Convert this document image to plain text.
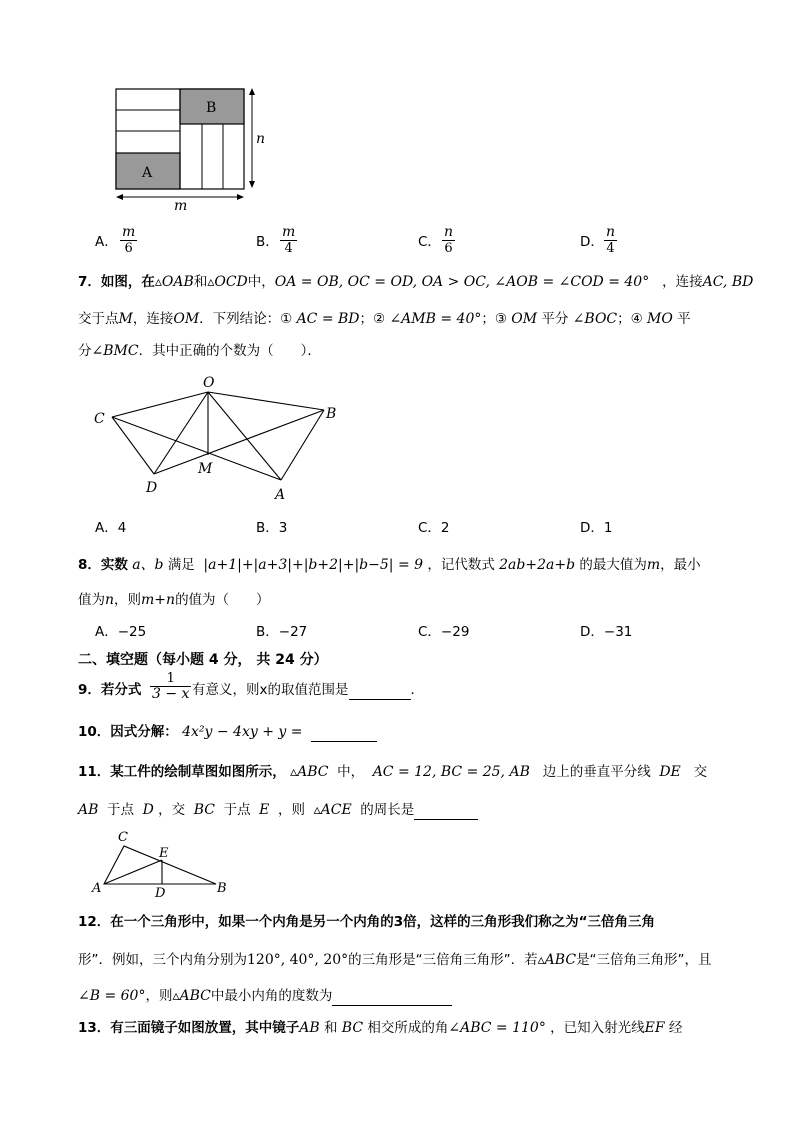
B
A
n
m
A． $\frac{m}{6}$	B． $\frac{m}{4}$	C． $\frac{n}{6}$	D． $\frac{n}{4}$
7．如图，在▵OAB和▵OCD中，OA = OB, OC = OD, OA > OC, ∠AOB = ∠COD = 40° ，连接AC, BD
交于点M，连接OM．下列结论：① AC = BD；② ∠AMB = 40°；③ OM 平分 ∠BOC；④ MO 平
分∠BMC．其中正确的个数为（　　）．
O
B
C
D
M
A
A．4	B．3	C．2	D．1
8．实数 a、b 满足 |a+1|+|a+3|+|b+2|+|b−5| = 9 ，记代数式 2ab+2a+b 的最大值为m，最小
值为n，则m+n的值为（　　）
A．−25	B．−27	C．−29	D．−31
二、填空题（每小题 4 分， 共 24 分）
9．若分式 $\frac{1}{3 - x}$ 有意义，则x的取值范围是	．
10．因式分解： 4x²y − 4xy + y =
11．某工件的绘制草图如图所示， ▵ABC 中， AC = 12, BC = 25, AB 边上的垂直平分线 DE 交
AB 于点 D ，交 BC 于点 E ，则 ▵ACE 的周长是
C
E
A	D	B
12．在一个三角形中，如果一个内角是另一个内角的3倍，这样的三角形我们称之为“三倍角三角
形”．例如，三个内角分别为120°, 40°, 20°的三角形是“三倍角三角形”．若▵ABC是“三倍角三角形”，且
∠B = 60°，则▵ABC中最小内角的度数为
13．有三面镜子如图放置，其中镜子AB 和 BC 相交所成的角∠ABC = 110° ，已知入射光线EF 经
